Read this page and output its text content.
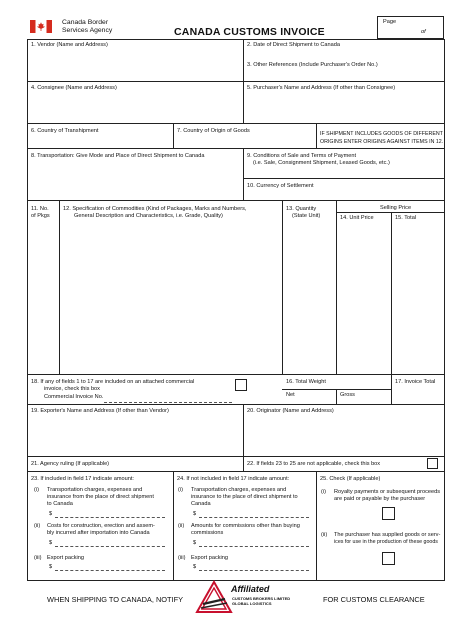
Canada Border
Services Agency	CANADA CUSTOMS INVOICE
Page
of
1. Vendor (Name and Address)	2. Date of Direct Shipment to Canada
3. Other References (Include Purchaser's Order No.)
4. Consignee (Name and Address)	5. Purchaser's Name and Address (If other than Consignee)
6. Country of Transhipment	7. Country of Origin of Goods	IF SHIPMENT INCLUDES GOODS OF DIFFERENT
ORIGINS ENTER ORIGINS AGAINST ITEMS IN 12.
8. Transportation: Give Mode and Place of Direct Shipment to Canada	9. Conditions of Sale and Terms of Payment
(i.e. Sale, Consignment Shipment, Leased Goods, etc.)
10. Currency of Settlement
11. No.
of Pkgs
12. Specification of Commodities (Kind of Packages, Marks and Numbers,
General Description and Characteristics, i.e. Grade, Quality)
13. Quantity
(State Unit)
Selling Price
14. Unit Price	15. Total
18. If any of fields 1 to 17 are included on an attached commercial
invoice, check this box
Commercial Invoice No.
16. Total Weight
Net	Gross
17. Invoice Total
19. Exporter's Name and Address (If other than Vendor)	20. Originator (Name and Address)
21. Agency ruling (If applicable)	22. If fields 23 to 25 are not applicable, check this box
23. If included in field 17 indicate amount:
(i) Transportation charges, expenses and
insurance from the place of direct shipment
to Canada
$
(ii) Costs for construction, erection and assem-
bly incurred after importation into Canada
$
(iii) Export packing
$
24. If not included in field 17 indicate amount:
(i) Transportation charges, expenses and
insurance to the place of direct shipment to
Canada
$
(ii) Amounts for commissions other than buying
commissions
$
(iii) Export packing
$
25. Check (If applicable)
(i) Royalty payments or subsequent proceeds
are paid or payable by the purchaser
(ii) The purchaser has supplied goods or serv-
ices for use in the production of these goods
WHEN SHIPPING TO CANADA, NOTIFY	FOR CUSTOMS CLEARANCE
Affiliated
CUSTOMS BROKERS LIMITED
GLOBAL LOGISTICS
